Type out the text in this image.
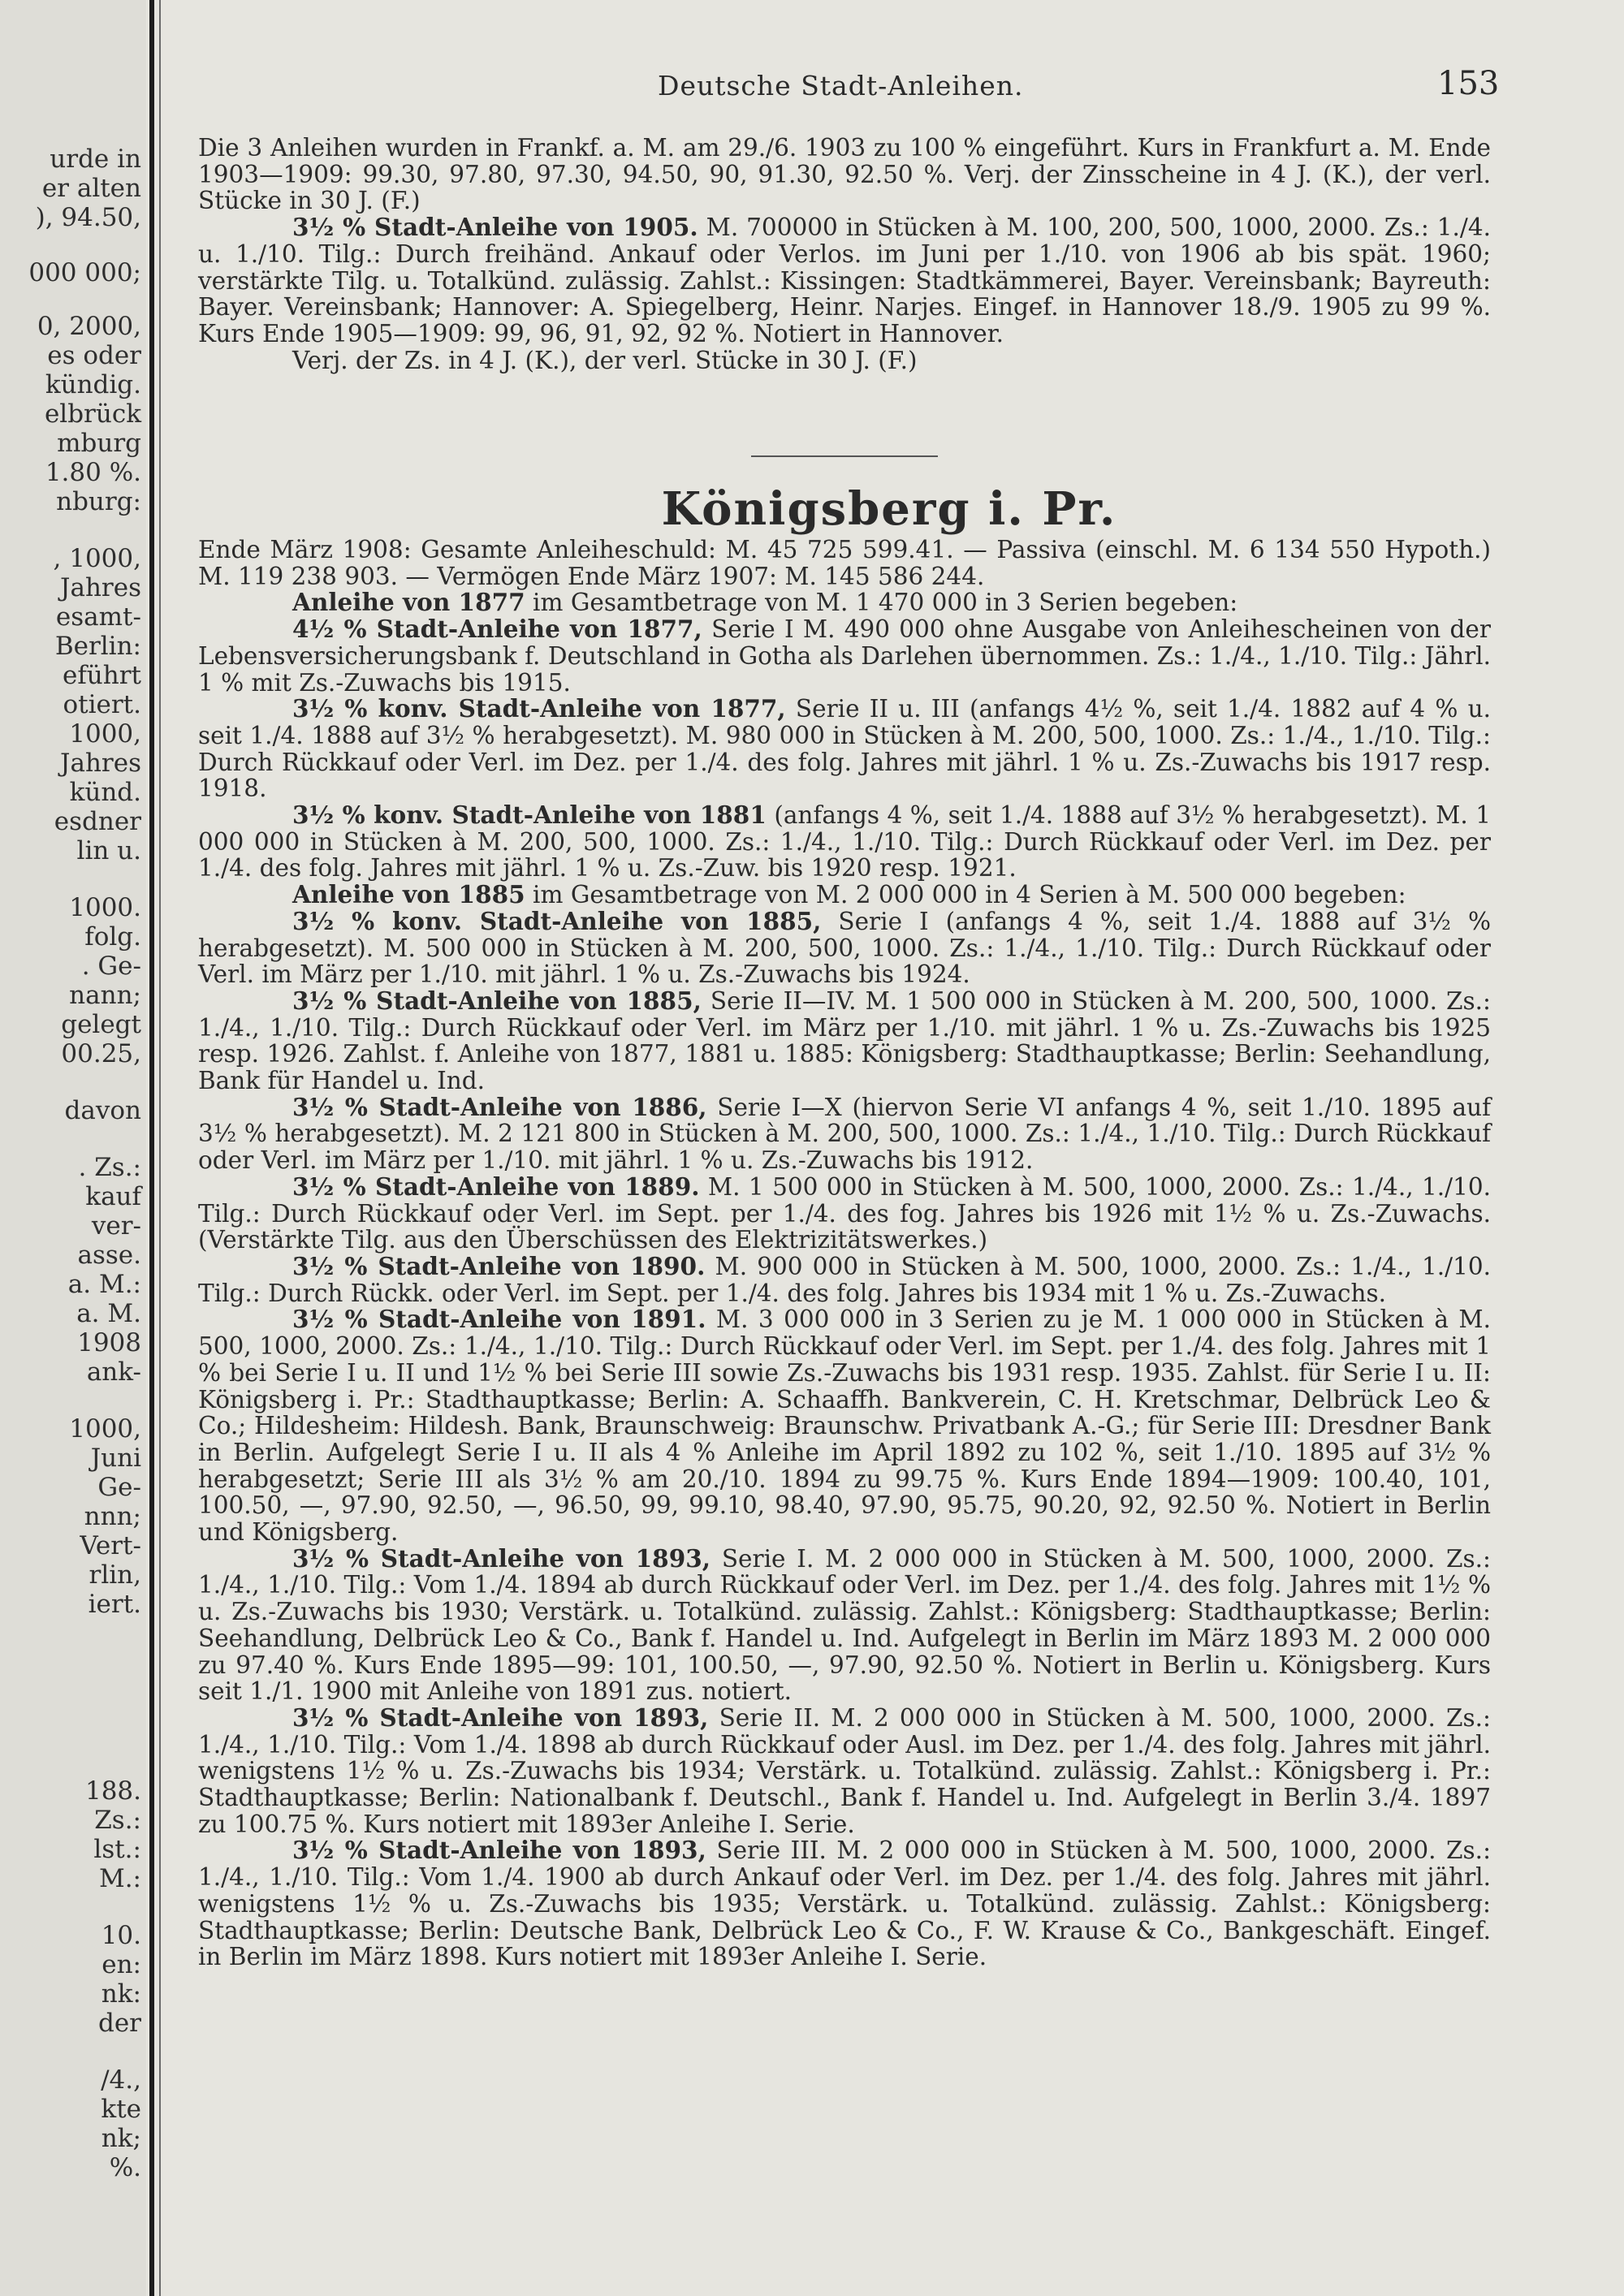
urde in
er alten
), 94.50,
000 000;
0, 2000,
es oder
kündig.
elbrück
mburg
1.80 %.
nburg:
, 1000,
Jahres
esamt-
Berlin:
eführt
otiert.
1000,
Jahres
künd.
esdner
lin u.
1000.
folg.
. Ge-
nann;
gelegt
00.25,
davon
. Zs.:
kauf
ver-
asse.
a. M.:
a. M.
1908
ank-
1000,
Juni
Ge-
nnn;
Vert-
rlin,
iert.
188.
Zs.:
lst.:
M.:
10.
en:
nk:
der
/4.,
kte
nk;
%.
Deutsche Stadt-Anleihen.	153

Die 3 Anleihen wurden in Frankf. a. M. am 29./6. 1903 zu 100 % eingeführt. Kurs in Frankfurt a. M. Ende 1903—1909: 99.30, 97.80, 97.30, 94.50, 90, 91.30, 92.50 %. Verj. der Zinsscheine in 4 J. (K.), der verl. Stücke in 30 J. (F.)

3½ % Stadt-Anleihe von 1905. M. 700000 in Stücken à M. 100, 200, 500, 1000, 2000. Zs.: 1./4. u. 1./10. Tilg.: Durch freihänd. Ankauf oder Verlos. im Juni per 1./10. von 1906 ab bis spät. 1960; verstärkte Tilg. u. Totalkünd. zulässig. Zahlst.: Kissingen: Stadtkämmerei, Bayer. Vereinsbank; Bayreuth: Bayer. Vereinsbank; Hannover: A. Spiegelberg, Heinr. Narjes. Eingef. in Hannover 18./9. 1905 zu 99 %. Kurs Ende 1905—1909: 99, 96, 91, 92, 92 %. Notiert in Hannover.

Verj. der Zs. in 4 J. (K.), der verl. Stücke in 30 J. (F.)

Königsberg i. Pr.

Ende März 1908: Gesamte Anleiheschuld: M. 45 725 599.41. — Passiva (einschl. M. 6 134 550 Hypoth.) M. 119 238 903. — Vermögen Ende März 1907: M. 145 586 244.

Anleihe von 1877 im Gesamtbetrage von M. 1 470 000 in 3 Serien begeben:

4½ % Stadt-Anleihe von 1877, Serie I M. 490 000 ohne Ausgabe von Anleihescheinen von der Lebensversicherungsbank f. Deutschland in Gotha als Darlehen übernommen. Zs.: 1./4., 1./10. Tilg.: Jährl. 1 % mit Zs.-Zuwachs bis 1915.

3½ % konv. Stadt-Anleihe von 1877, Serie II u. III (anfangs 4½ %, seit 1./4. 1882 auf 4 % u. seit 1./4. 1888 auf 3½ % herabgesetzt). M. 980 000 in Stücken à M. 200, 500, 1000. Zs.: 1./4., 1./10. Tilg.: Durch Rückkauf oder Verl. im Dez. per 1./4. des folg. Jahres mit jährl. 1 % u. Zs.-Zuwachs bis 1917 resp. 1918.

3½ % konv. Stadt-Anleihe von 1881 (anfangs 4 %, seit 1./4. 1888 auf 3½ % herabgesetzt). M. 1 000 000 in Stücken à M. 200, 500, 1000. Zs.: 1./4., 1./10. Tilg.: Durch Rückkauf oder Verl. im Dez. per 1./4. des folg. Jahres mit jährl. 1 % u. Zs.-Zuw. bis 1920 resp. 1921.

Anleihe von 1885 im Gesamtbetrage von M. 2 000 000 in 4 Serien à M. 500 000 begeben:

3½ % konv. Stadt-Anleihe von 1885, Serie I (anfangs 4 %, seit 1./4. 1888 auf 3½ % herabgesetzt). M. 500 000 in Stücken à M. 200, 500, 1000. Zs.: 1./4., 1./10. Tilg.: Durch Rückkauf oder Verl. im März per 1./10. mit jährl. 1 % u. Zs.-Zuwachs bis 1924.

3½ % Stadt-Anleihe von 1885, Serie II—IV. M. 1 500 000 in Stücken à M. 200, 500, 1000. Zs.: 1./4., 1./10. Tilg.: Durch Rückkauf oder Verl. im März per 1./10. mit jährl. 1 % u. Zs.-Zuwachs bis 1925 resp. 1926. Zahlst. f. Anleihe von 1877, 1881 u. 1885: Königsberg: Stadthauptkasse; Berlin: Seehandlung, Bank für Handel u. Ind.

3½ % Stadt-Anleihe von 1886, Serie I—X (hiervon Serie VI anfangs 4 %, seit 1./10. 1895 auf 3½ % herabgesetzt). M. 2 121 800 in Stücken à M. 200, 500, 1000. Zs.: 1./4., 1./10. Tilg.: Durch Rückkauf oder Verl. im März per 1./10. mit jährl. 1 % u. Zs.-Zuwachs bis 1912.

3½ % Stadt-Anleihe von 1889. M. 1 500 000 in Stücken à M. 500, 1000, 2000. Zs.: 1./4., 1./10. Tilg.: Durch Rückkauf oder Verl. im Sept. per 1./4. des fog. Jahres bis 1926 mit 1½ % u. Zs.-Zuwachs. (Verstärkte Tilg. aus den Überschüssen des Elektrizitätswerkes.)

3½ % Stadt-Anleihe von 1890. M. 900 000 in Stücken à M. 500, 1000, 2000. Zs.: 1./4., 1./10. Tilg.: Durch Rückk. oder Verl. im Sept. per 1./4. des folg. Jahres bis 1934 mit 1 % u. Zs.-Zuwachs.

3½ % Stadt-Anleihe von 1891. M. 3 000 000 in 3 Serien zu je M. 1 000 000 in Stücken à M. 500, 1000, 2000. Zs.: 1./4., 1./10. Tilg.: Durch Rückkauf oder Verl. im Sept. per 1./4. des folg. Jahres mit 1 % bei Serie I u. II und 1½ % bei Serie III sowie Zs.-Zuwachs bis 1931 resp. 1935. Zahlst. für Serie I u. II: Königsberg i. Pr.: Stadthauptkasse; Berlin: A. Schaaffh. Bankverein, C. H. Kretschmar, Delbrück Leo & Co.; Hildesheim: Hildesh. Bank, Braunschweig: Braunschw. Privatbank A.-G.; für Serie III: Dresdner Bank in Berlin. Aufgelegt Serie I u. II als 4 % Anleihe im April 1892 zu 102 %, seit 1./10. 1895 auf 3½ % herabgesetzt; Serie III als 3½ % am 20./10. 1894 zu 99.75 %. Kurs Ende 1894—1909: 100.40, 101, 100.50, —, 97.90, 92.50, —, 96.50, 99, 99.10, 98.40, 97.90, 95.75, 90.20, 92, 92.50 %. Notiert in Berlin und Königsberg.

3½ % Stadt-Anleihe von 1893, Serie I. M. 2 000 000 in Stücken à M. 500, 1000, 2000. Zs.: 1./4., 1./10. Tilg.: Vom 1./4. 1894 ab durch Rückkauf oder Verl. im Dez. per 1./4. des folg. Jahres mit 1½ % u. Zs.-Zuwachs bis 1930; Verstärk. u. Totalkünd. zulässig. Zahlst.: Königsberg: Stadthauptkasse; Berlin: Seehandlung, Delbrück Leo & Co., Bank f. Handel u. Ind. Aufgelegt in Berlin im März 1893 M. 2 000 000 zu 97.40 %. Kurs Ende 1895—99: 101, 100.50, —, 97.90, 92.50 %. Notiert in Berlin u. Königsberg. Kurs seit 1./1. 1900 mit Anleihe von 1891 zus. notiert.

3½ % Stadt-Anleihe von 1893, Serie II. M. 2 000 000 in Stücken à M. 500, 1000, 2000. Zs.: 1./4., 1./10. Tilg.: Vom 1./4. 1898 ab durch Rückkauf oder Ausl. im Dez. per 1./4. des folg. Jahres mit jährl. wenigstens 1½ % u. Zs.-Zuwachs bis 1934; Verstärk. u. Totalkünd. zulässig. Zahlst.: Königsberg i. Pr.: Stadthauptkasse; Berlin: Nationalbank f. Deutschl., Bank f. Handel u. Ind. Aufgelegt in Berlin 3./4. 1897 zu 100.75 %. Kurs notiert mit 1893er Anleihe I. Serie.

3½ % Stadt-Anleihe von 1893, Serie III. M. 2 000 000 in Stücken à M. 500, 1000, 2000. Zs.: 1./4., 1./10. Tilg.: Vom 1./4. 1900 ab durch Ankauf oder Verl. im Dez. per 1./4. des folg. Jahres mit jährl. wenigstens 1½ % u. Zs.-Zuwachs bis 1935; Verstärk. u. Totalkünd. zulässig. Zahlst.: Königsberg: Stadthauptkasse; Berlin: Deutsche Bank, Delbrück Leo & Co., F. W. Krause & Co., Bankgeschäft. Eingef. in Berlin im März 1898. Kurs notiert mit 1893er Anleihe I. Serie.
